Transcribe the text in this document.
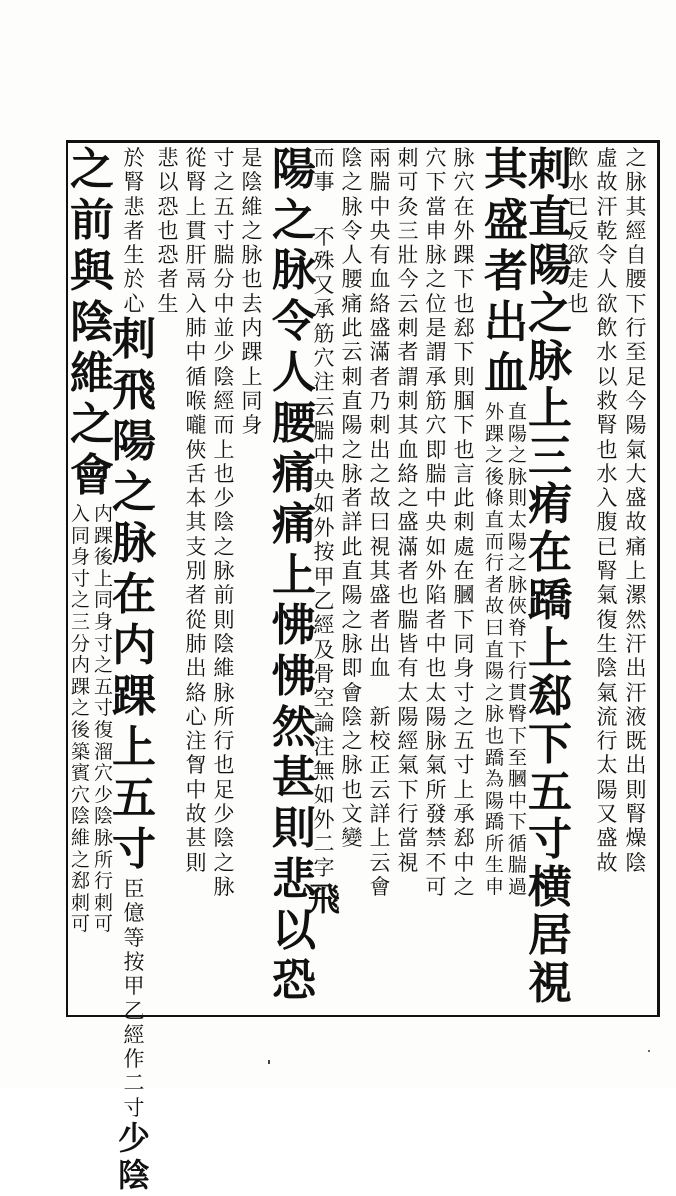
之
脉
其
經
自
腰
下
行
至
足
今
陽
氣
大
盛
故
痛
上
漯
然
汗
出
汗
液
既
出
則
腎
燥
陰
虛
故
汗
乾
令
人
欲
飲
水
以
救
腎
也
水
入
腹
已
腎
氣
復
生
陰
氣
流
行
太
陽
又
盛
故
飲
水
已
反
欲
走
也
刺
直
陽
之
脉
上
三
痏
在
蹻
上
郄
下
五
寸
横
居
視
其
盛
者
出
血
直
陽
之
脉
則
太
陽
之
脉
俠
脊
下
行
貫
臀
下
至
膕
中
下
循
腨
過
外
踝
之
後
條
直
而
行
者
故
曰
直
陽
之
脉
也
蹻
為
陽
蹻
所
生
申
脉
穴
在
外
踝
下
也
郄
下
則
腘
下
也
言
此
刺
處
在
膕
下
同
身
寸
之
五
寸
上
承
郄
中
之
穴
下
當
申
脉
之
位
是
謂
承
筋
穴
即
腨
中
央
如
外
陷
者
中
也
太
陽
脉
氣
所
發
禁
不
可
刺
可
灸
三
壯
今
云
刺
者
謂
刺
其
血
絡
之
盛
滿
者
也
腨
皆
有
太
陽
經
氣
下
行
當
視
兩
腨
中
央
有
血
絡
盛
滿
者
乃
刺
出
之
故
曰
視
其
盛
者
出
血

新
校
正
云
詳
上
云
會
陰
之
脉
令
人
腰
痛
此
云
刺
直
陽
之
脉
者
詳
此
直
陽
之
脉
即
會
陰
之
脉
也
文
變
而
事
不
殊
又
承
筋
穴
注
云
腨
中
央
如
外
按
甲
乙
經
及
骨
空
論
注
無
如
外
二
字
飛
陽
之
脉
令
人
腰
痛
痛
上
怫
怫
然
甚
則
悲
以
恐
是
陰
維
之
脉
也
去
内
踝
上
同
身
寸
之
五
寸
腨
分
中
並
少
陰
經
而
上
也
少
陰
之
脉
前
則
陰
維
脉
所
行
也
足
少
陰
之
脉
從
腎
上
貫
肝
鬲
入
肺
中
循
喉
嚨
俠
舌
本
其
支
別
者
從
肺
出
絡
心
注
胷
中
故
甚
則
悲
以
恐
也
恐
者
生
於
腎
悲
者
生
於
心
刺
飛
陽
之
脉
在
内
踝
上
五
寸
臣
億
等
按
甲
乙
經
作
二
寸
少
陰
之
前
與
陰
維
之
會
内
踝
後
上
同
身
寸
之
五
寸
復
溜
穴
少
陰
脉
所
行
刺
可
入
同
身
寸
之
三
分
内
踝
之
後
築
賓
穴
陰
維
之
郄
刺
可
